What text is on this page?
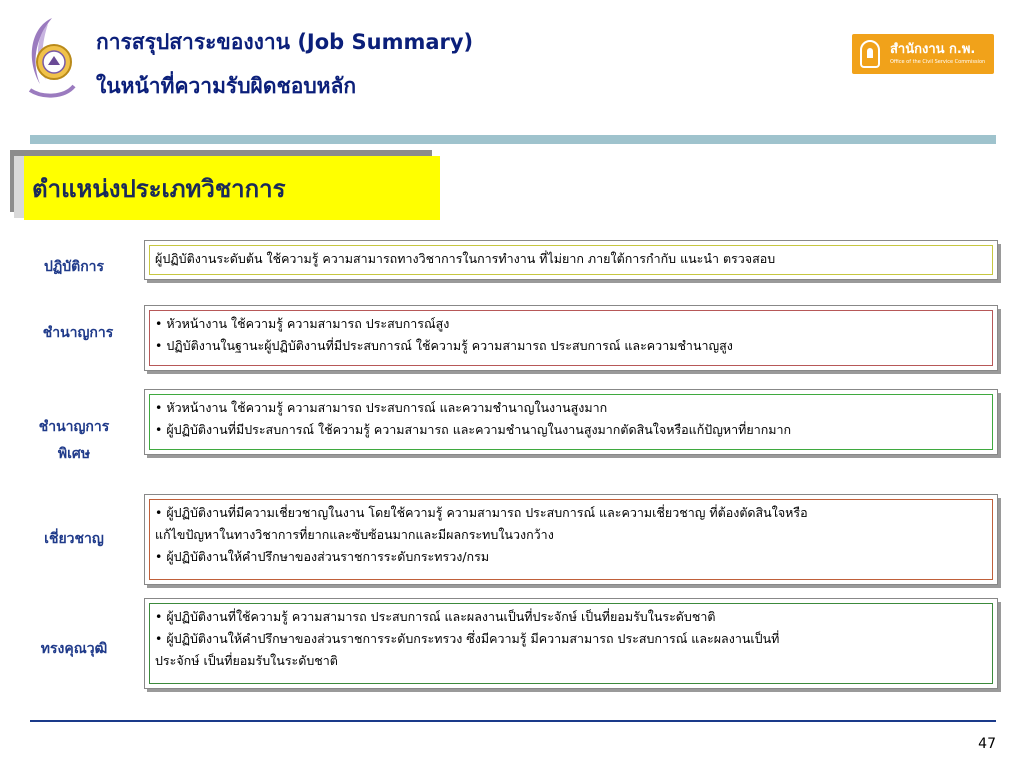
การสรุปสาระของงาน (Job Summary)
ในหน้าที่ความรับผิดชอบหลัก
สำนักงาน ก.พ.
Office of the Civil Service Commission
ตำแหน่งประเภทวิชาการ
ปฏิบัติการ
ชำนาญการ
ชำนาญการ
พิเศษ
เชี่ยวชาญ
ทรงคุณวุฒิ

ผู้ปฏิบัติงานระดับต้น ใช้ความรู้ ความสามารถทางวิชาการในการทำงาน ที่ไม่ยาก ภายใต้การกำกับ แนะนำ ตรวจสอบ

• หัวหน้างาน ใช้ความรู้ ความสามารถ ประสบการณ์สูง

• ปฏิบัติงานในฐานะผู้ปฏิบัติงานที่มีประสบการณ์ ใช้ความรู้ ความสามารถ ประสบการณ์ และความชำนาญสูง

• หัวหน้างาน ใช้ความรู้ ความสามารถ ประสบการณ์ และความชำนาญในงานสูงมาก

• ผู้ปฏิบัติงานที่มีประสบการณ์ ใช้ความรู้ ความสามารถ และความชำนาญในงานสูงมากตัดสินใจหรือแก้ปัญหาที่ยากมาก

• ผู้ปฏิบัติงานที่มีความเชี่ยวชาญในงาน โดยใช้ความรู้ ความสามารถ ประสบการณ์ และความเชี่ยวชาญ ที่ต้องตัดสินใจหรือ

แก้ไขปัญหาในทางวิชาการที่ยากและซับซ้อนมากและมีผลกระทบในวงกว้าง

• ผู้ปฏิบัติงานให้คำปรึกษาของส่วนราชการระดับกระทรวง/กรม

• ผู้ปฏิบัติงานที่ใช้ความรู้ ความสามารถ ประสบการณ์ และผลงานเป็นที่ประจักษ์ เป็นที่ยอมรับในระดับชาติ

• ผู้ปฏิบัติงานให้คำปรึกษาของส่วนราชการระดับกระทรวง ซึ่งมีความรู้ มีความสามารถ ประสบการณ์ และผลงานเป็นที่

ประจักษ์ เป็นที่ยอมรับในระดับชาติ

47
